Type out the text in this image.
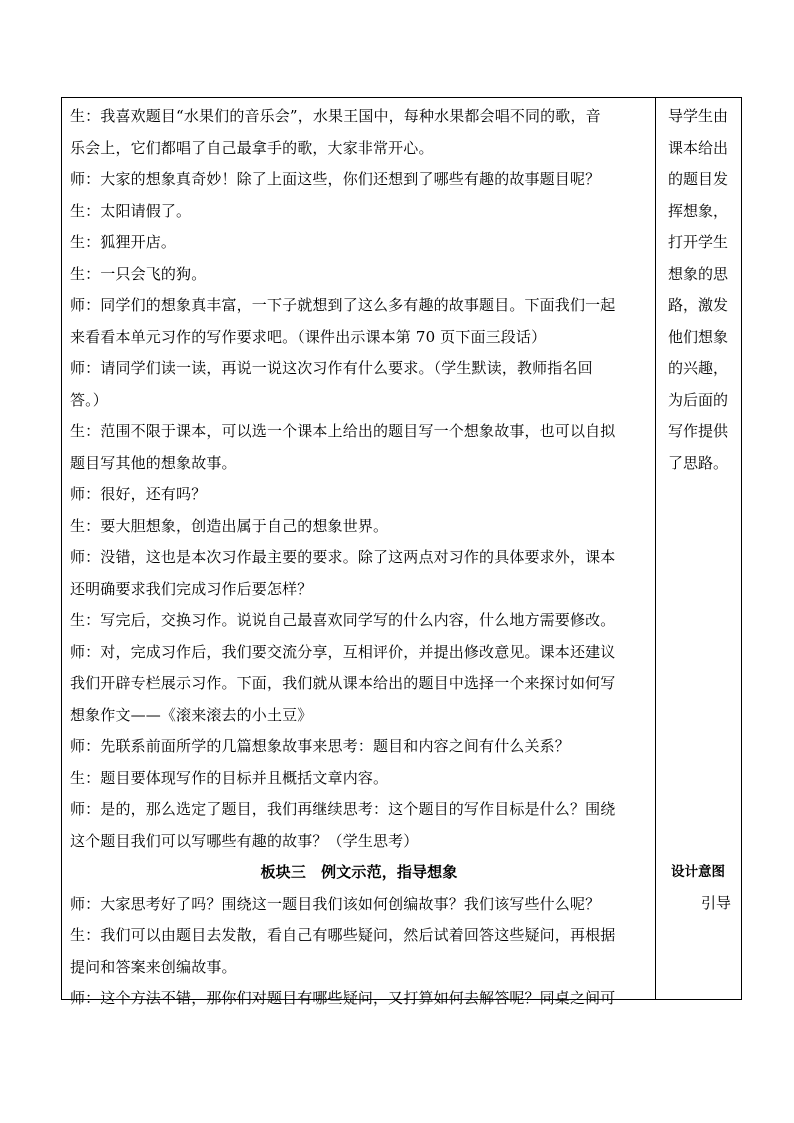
生：我喜欢题目“水果们的音乐会”，水果王国中，每种水果都会唱不同的歌，音
乐会上，它们都唱了自己最拿手的歌，大家非常开心。
师：大家的想象真奇妙！除了上面这些，你们还想到了哪些有趣的故事题目呢？
生：太阳请假了。
生：狐狸开店。
生：一只会飞的狗。
师：同学们的想象真丰富，一下子就想到了这么多有趣的故事题目。下面我们一起
来看看本单元习作的写作要求吧。（课件出示课本第 70 页下面三段话）
师：请同学们读一读，再说一说这次习作有什么要求。（学生默读，教师指名回
答。）
生：范围不限于课本，可以选一个课本上给出的题目写一个想象故事，也可以自拟
题目写其他的想象故事。
师：很好，还有吗？
生：要大胆想象，创造出属于自己的想象世界。
师：没错，这也是本次习作最主要的要求。除了这两点对习作的具体要求外，课本
还明确要求我们完成习作后要怎样？
生：写完后，交换习作。说说自己最喜欢同学写的什么内容，什么地方需要修改。
师：对，完成习作后，我们要交流分享，互相评价，并提出修改意见。课本还建议
我们开辟专栏展示习作。下面，我们就从课本给出的题目中选择一个来探讨如何写
想象作文——《滚来滚去的小土豆》
师：先联系前面所学的几篇想象故事来思考：题目和内容之间有什么关系？
生：题目要体现写作的目标并且概括文章内容。
师：是的，那么选定了题目，我们再继续思考：这个题目的写作目标是什么？围绕
这个题目我们可以写哪些有趣的故事？（学生思考）
板块三　例文示范，指导想象
师：大家思考好了吗？围绕这一题目我们该如何创编故事？我们该写些什么呢？
生：我们可以由题目去发散，看自己有哪些疑问，然后试着回答这些疑问，再根据
提问和答案来创编故事。
师：这个方法不错，那你们对题目有哪些疑问，又打算如何去解答呢？同桌之间可
导学生由
课本给出
的题目发
挥想象，
打开学生
想象的思
路，激发
他们想象
的兴趣，
为后面的
写作提供
了思路。
设计意图
引导
